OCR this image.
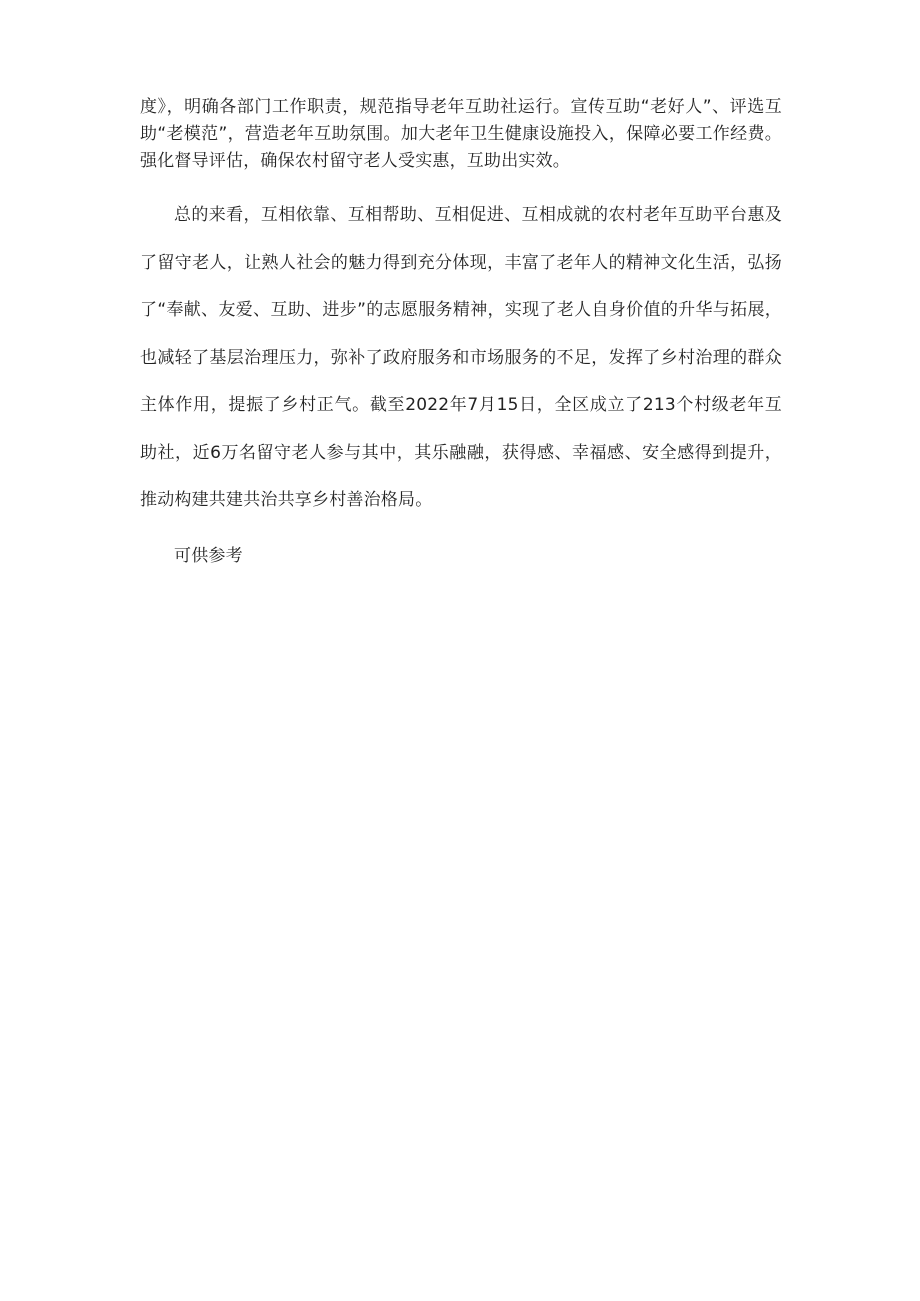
度》，明确各部门工作职责，规范指导老年互助社运行。宣传互助“老好人”、评选互助“老模范”，营造老年互助氛围。加大老年卫生健康设施投入，保障必要工作经费。强化督导评估，确保农村留守老人受实惠，互助出实效。

总的来看，互相依靠、互相帮助、互相促进、互相成就的农村老年互助平台惠及了留守老人，让熟人社会的魅力得到充分体现，丰富了老年人的精神文化生活，弘扬了“奉献、友爱、互助、进步”的志愿服务精神，实现了老人自身价值的升华与拓展，也减轻了基层治理压力，弥补了政府服务和市场服务的不足，发挥了乡村治理的群众主体作用，提振了乡村正气。截至2022年7月15日，全区成立了213个村级老年互助社，近6万名留守老人参与其中，其乐融融，获得感、幸福感、安全感得到提升，推动构建共建共治共享乡村善治格局。

可供参考
